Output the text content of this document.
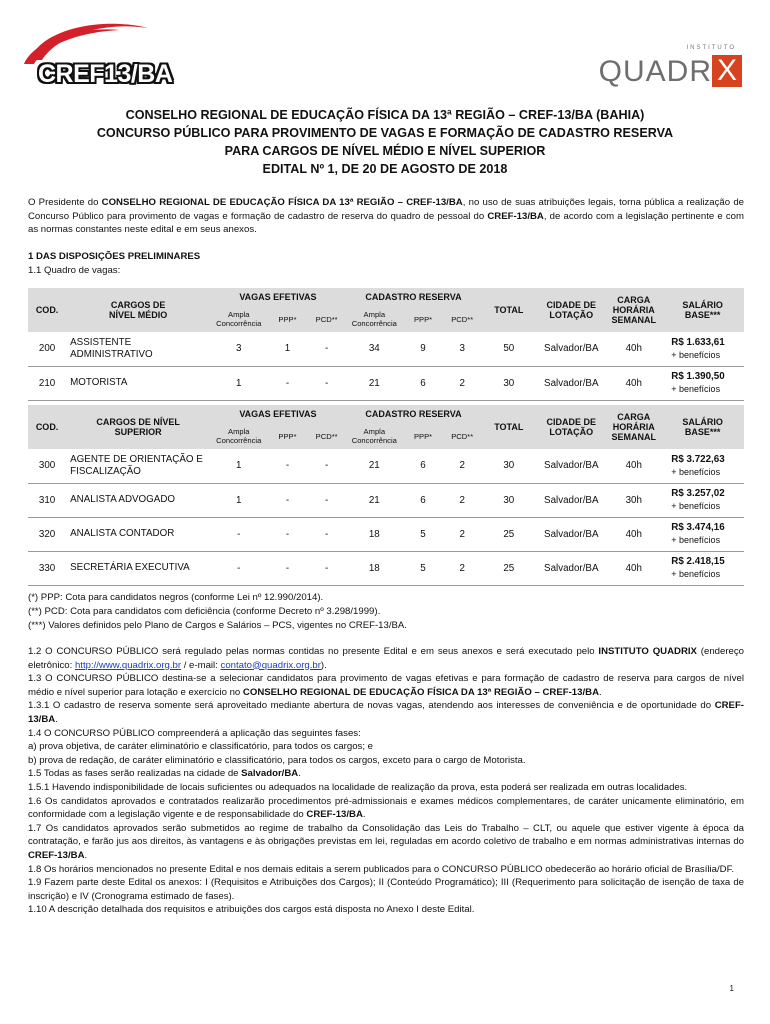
CREF13/BA
INSTITUTO
QUADR X
CONSELHO REGIONAL DE EDUCAÇÃO FÍSICA DA 13ª REGIÃO – CREF-13/BA (BAHIA)
CONCURSO PÚBLICO PARA PROVIMENTO DE VAGAS E FORMAÇÃO DE CADASTRO RESERVA
PARA CARGOS DE NÍVEL MÉDIO E NÍVEL SUPERIOR
EDITAL Nº 1, DE 20 DE AGOSTO DE 2018
O Presidente do CONSELHO REGIONAL DE EDUCAÇÃO FÍSICA DA 13ª REGIÃO – CREF-13/BA, no uso de suas atribuições legais, torna pública a realização de Concurso Público para provimento de vagas e formação de cadastro de reserva do quadro de pessoal do CREF-13/BA, de acordo com a legislação pertinente e com as normas constantes neste edital e em seus anexos.
1 DAS DISPOSIÇÕES PRELIMINARES
1.1 Quadro de vagas:
COD.	CARGOS DE NÍVEL MÉDIO	VAGAS EFETIVAS			CADASTRO RESERVA			TOTAL	CIDADE DE LOTAÇÃO	CARGA HORÁRIA SEMANAL	SALÁRIO BASE***
		Ampla Concorrência	PPP*	PCD**	Ampla Concorrência	PPP*	PCD**				
200	ASSISTENTE ADMINISTRATIVO	3	1	-	34	9	3	50	Salvador/BA	40h	R$ 1.633,61
+ benefícios

210	MOTORISTA	1	-	-	21	6	2	30	Salvador/BA	40h	R$ 1.390,50
+ benefícios
COD.	CARGOS DE NÍVEL SUPERIOR	VAGAS EFETIVAS			CADASTRO RESERVA			TOTAL	CIDADE DE LOTAÇÃO	CARGA HORÁRIA SEMANAL	SALÁRIO BASE***
		Ampla Concorrência	PPP*	PCD**	Ampla Concorrência	PPP*	PCD**				
300	AGENTE DE ORIENTAÇÃO E FISCALIZAÇÃO	1	-	-	21	6	2	30	Salvador/BA	40h	R$ 3.722,63
+ benefícios

310	ANALISTA ADVOGADO	1	-	-	21	6	2	30	Salvador/BA	30h	R$ 3.257,02
+ benefícios

320	ANALISTA CONTADOR	-	-	-	18	5	2	25	Salvador/BA	40h	R$ 3.474,16
+ benefícios

330	SECRETÁRIA EXECUTIVA	-	-	-	18	5	2	25	Salvador/BA	40h	R$ 2.418,15
+ benefícios
(*) PPP: Cota para candidatos negros (conforme Lei nº 12.990/2014).
(**) PCD: Cota para candidatos com deficiência (conforme Decreto nº 3.298/1999).
(***) Valores definidos pelo Plano de Cargos e Salários – PCS, vigentes no CREF-13/BA.
1.2 O CONCURSO PÚBLICO será regulado pelas normas contidas no presente Edital e em seus anexos e será executado pelo INSTITUTO QUADRIX (endereço eletrônico: http://www.quadrix.org.br / e-mail: contato@quadrix.org.br).
1.3 O CONCURSO PÚBLICO destina-se a selecionar candidatos para provimento de vagas efetivas e para formação de cadastro de reserva para cargos de nível médio e nível superior para lotação e exercício no CONSELHO REGIONAL DE EDUCAÇÃO FÍSICA DA 13ª REGIÃO – CREF-13/BA.
1.3.1 O cadastro de reserva somente será aproveitado mediante abertura de novas vagas, atendendo aos interesses de conveniência e de oportunidade do CREF-13/BA.
1.4 O CONCURSO PÚBLICO compreenderá a aplicação das seguintes fases:
a) prova objetiva, de caráter eliminatório e classificatório, para todos os cargos; e
b) prova de redação, de caráter eliminatório e classificatório, para todos os cargos, exceto para o cargo de Motorista.
1.5 Todas as fases serão realizadas na cidade de Salvador/BA.
1.5.1 Havendo indisponibilidade de locais suficientes ou adequados na localidade de realização da prova, esta poderá ser realizada em outras localidades.
1.6 Os candidatos aprovados e contratados realizarão procedimentos pré-admissionais e exames médicos complementares, de caráter unicamente eliminatório, em conformidade com a legislação vigente e de responsabilidade do CREF-13/BA.
1.7 Os candidatos aprovados serão submetidos ao regime de trabalho da Consolidação das Leis do Trabalho – CLT, ou aquele que estiver vigente à época da contratação, e farão jus aos direitos, às vantagens e às obrigações previstas em lei, reguladas em acordo coletivo de trabalho e em normas administrativas internas do CREF-13/BA.
1.8 Os horários mencionados no presente Edital e nos demais editais a serem publicados para o CONCURSO PÚBLICO obedecerão ao horário oficial de Brasília/DF.
1.9 Fazem parte deste Edital os anexos: I (Requisitos e Atribuições dos Cargos); II (Conteúdo Programático); III (Requerimento para solicitação de isenção de taxa de inscrição) e IV (Cronograma estimado de fases).
1.10 A descrição detalhada dos requisitos e atribuições dos cargos está disposta no Anexo I deste Edital.
1
